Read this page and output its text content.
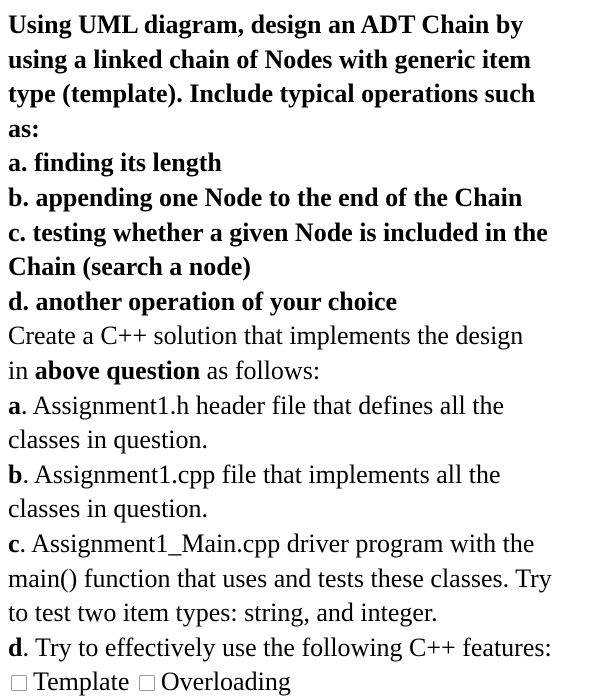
Using UML diagram, design an ADT Chain by

using a linked chain of Nodes with generic item

type (template). Include typical operations such

as:

a. finding its length

b. appending one Node to the end of the Chain

c. testing whether a given Node is included in the

Chain (search a node)

d. another operation of your choice

Create a C++ solution that implements the design

in above question as follows:

a. Assignment1.h header file that defines all the

classes in question.

b. Assignment1.cpp file that implements all the

classes in question.

c. Assignment1_Main.cpp driver program with the

main() function that uses and tests these classes. Try

to test two item types: string, and integer.

d. Try to effectively use the following C++ features:

Template Overloading
